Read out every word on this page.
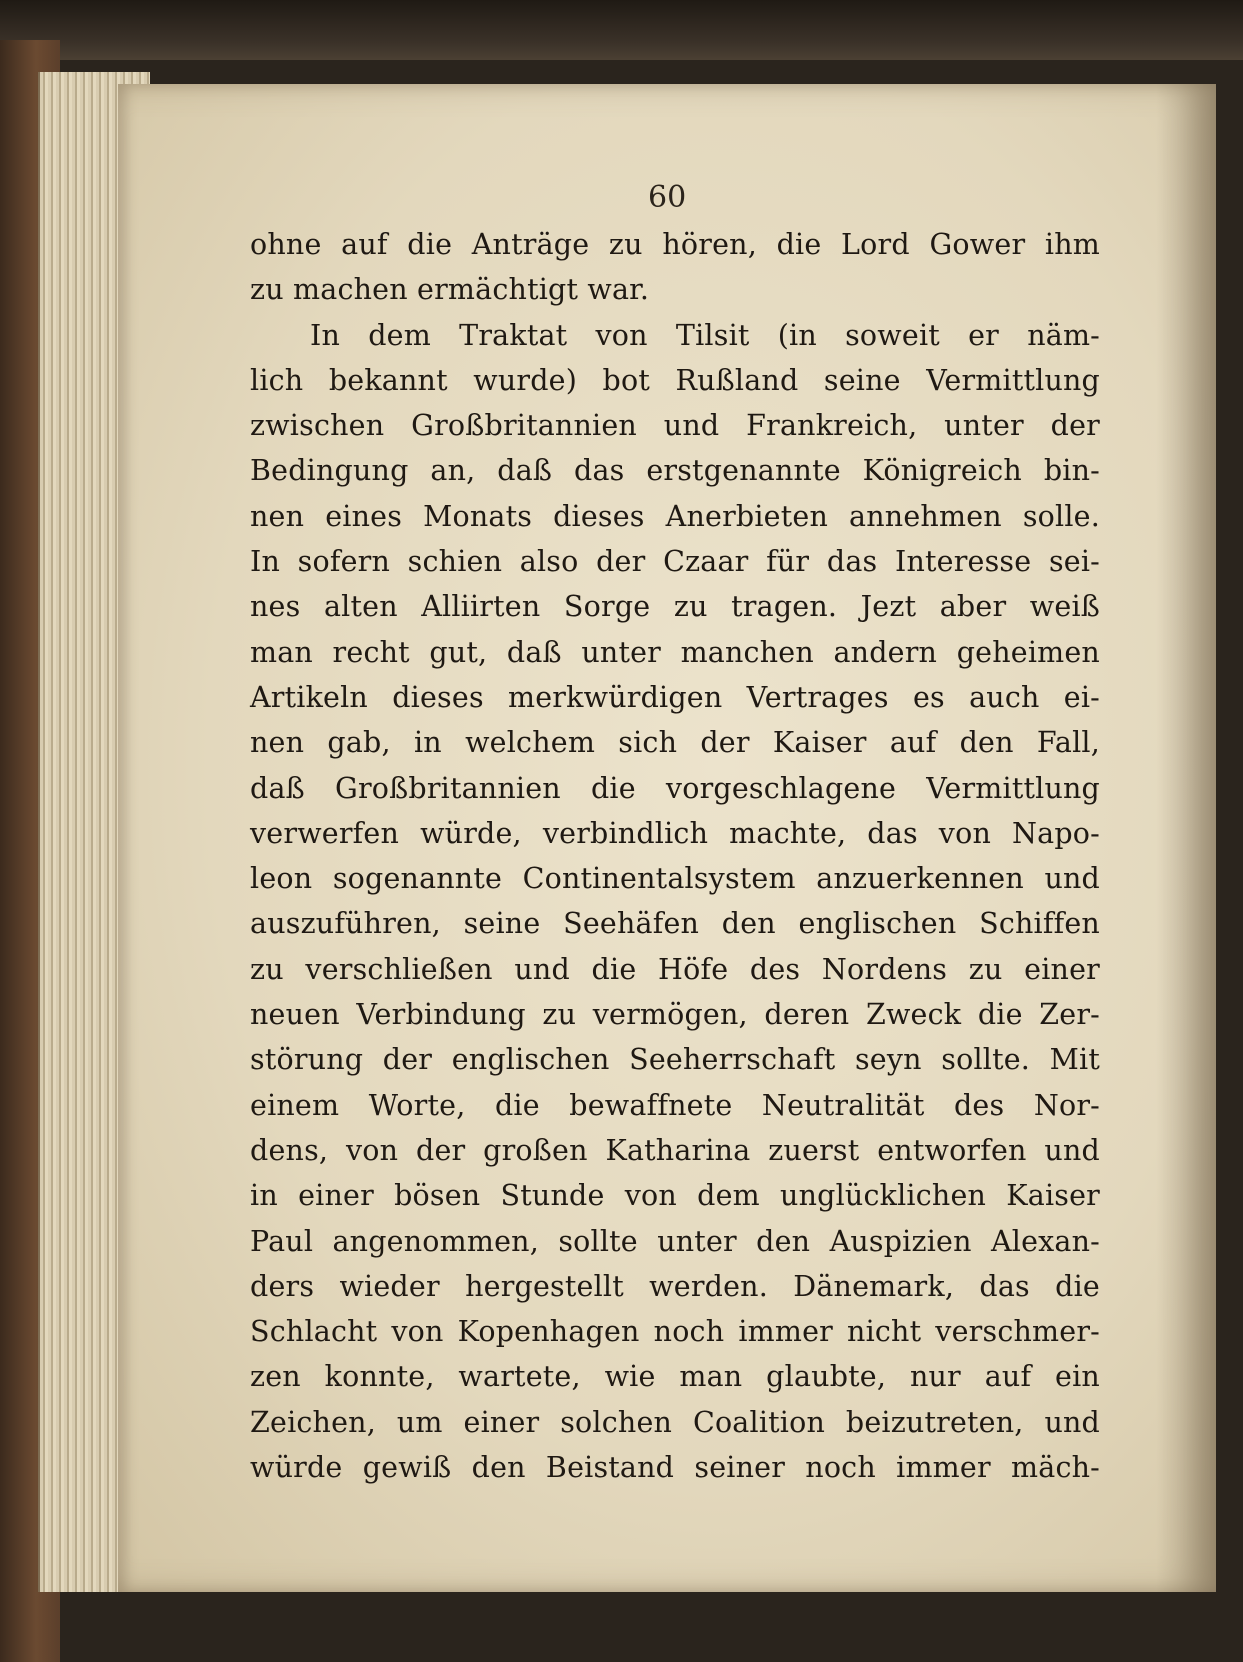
60
ohne auf die Anträge zu hören, die Lord Gower ihm
zu machen ermächtigt war.
In dem Traktat von Tilsit (in soweit er näm-
lich bekannt wurde) bot Rußland seine Vermittlung
zwischen Großbritannien und Frankreich, unter der
Bedingung an, daß das erstgenannte Königreich bin-
nen eines Monats dieses Anerbieten annehmen solle.
In sofern schien also der Czaar für das Interesse sei-
nes alten Alliirten Sorge zu tragen. Jezt aber weiß
man recht gut, daß unter manchen andern geheimen
Artikeln dieses merkwürdigen Vertrages es auch ei-
nen gab, in welchem sich der Kaiser auf den Fall,
daß Großbritannien die vorgeschlagene Vermittlung
verwerfen würde, verbindlich machte, das von Napo-
leon sogenannte Continentalsystem anzuerkennen und
auszuführen, seine Seehäfen den englischen Schiffen
zu verschließen und die Höfe des Nordens zu einer
neuen Verbindung zu vermögen, deren Zweck die Zer-
störung der englischen Seeherrschaft seyn sollte. Mit
einem Worte, die bewaffnete Neutralität des Nor-
dens, von der großen Katharina zuerst entworfen und
in einer bösen Stunde von dem unglücklichen Kaiser
Paul angenommen, sollte unter den Auspizien Alexan-
ders wieder hergestellt werden. Dänemark, das die
Schlacht von Kopenhagen noch immer nicht verschmer-
zen konnte, wartete, wie man glaubte, nur auf ein
Zeichen, um einer solchen Coalition beizutreten, und
würde gewiß den Beistand seiner noch immer mäch-
